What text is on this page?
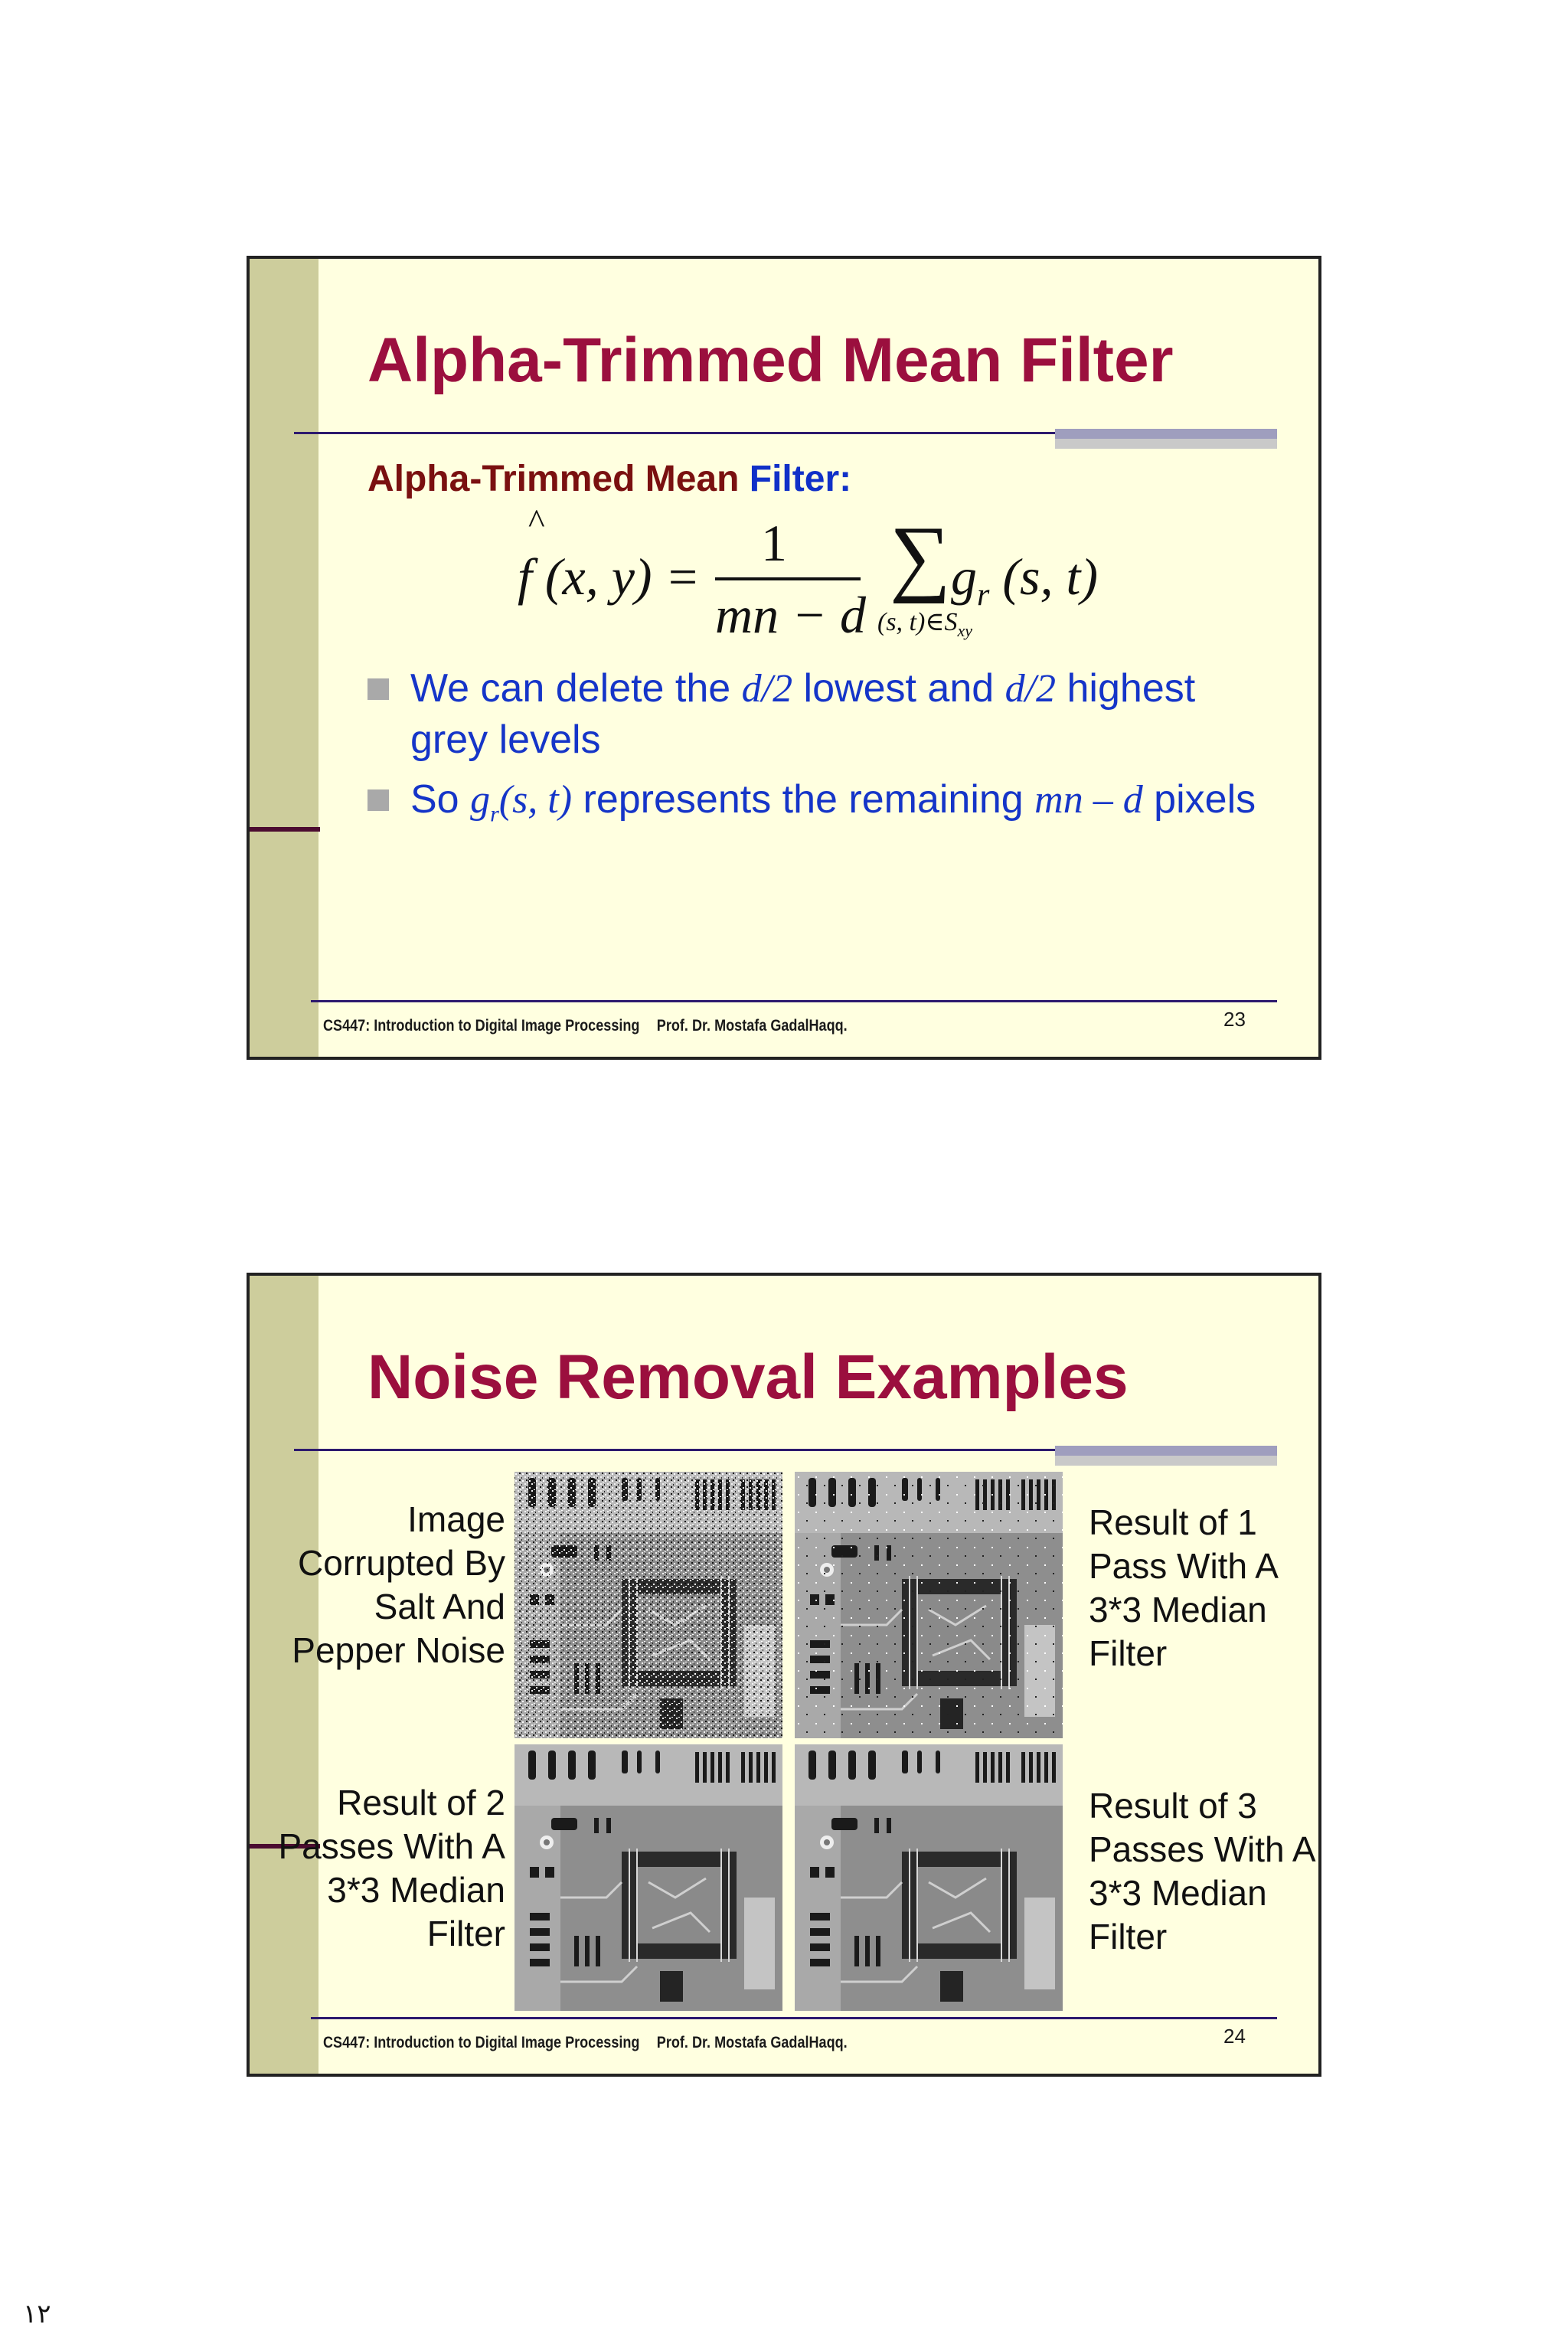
Alpha-Trimmed Mean Filter

Alpha-Trimmed Mean Filter:

f (x, y) =
^	1
mn − d
∑ $g_r$ (s, t)
(s, $t)\in S_{xy}$
We can delete the d/2 lowest and d/2 highest grey levels
So $g_r(s$, t) represents the remaining mn – d pixels
CS447: Introduction to Digital Image Processing Prof. Dr. Mostafa GadalHaqq.	23
Noise Removal Examples
Image Corrupted By Salt And Pepper Noise
Result of 1 Pass With A 3*3 Median Filter
Result of 2 Passes With A 3*3 Median Filter
Result of 3 Passes With A 3*3 Median Filter
CS447: Introduction to Digital Image Processing Prof. Dr. Mostafa GadalHaqq.	24
١٢
